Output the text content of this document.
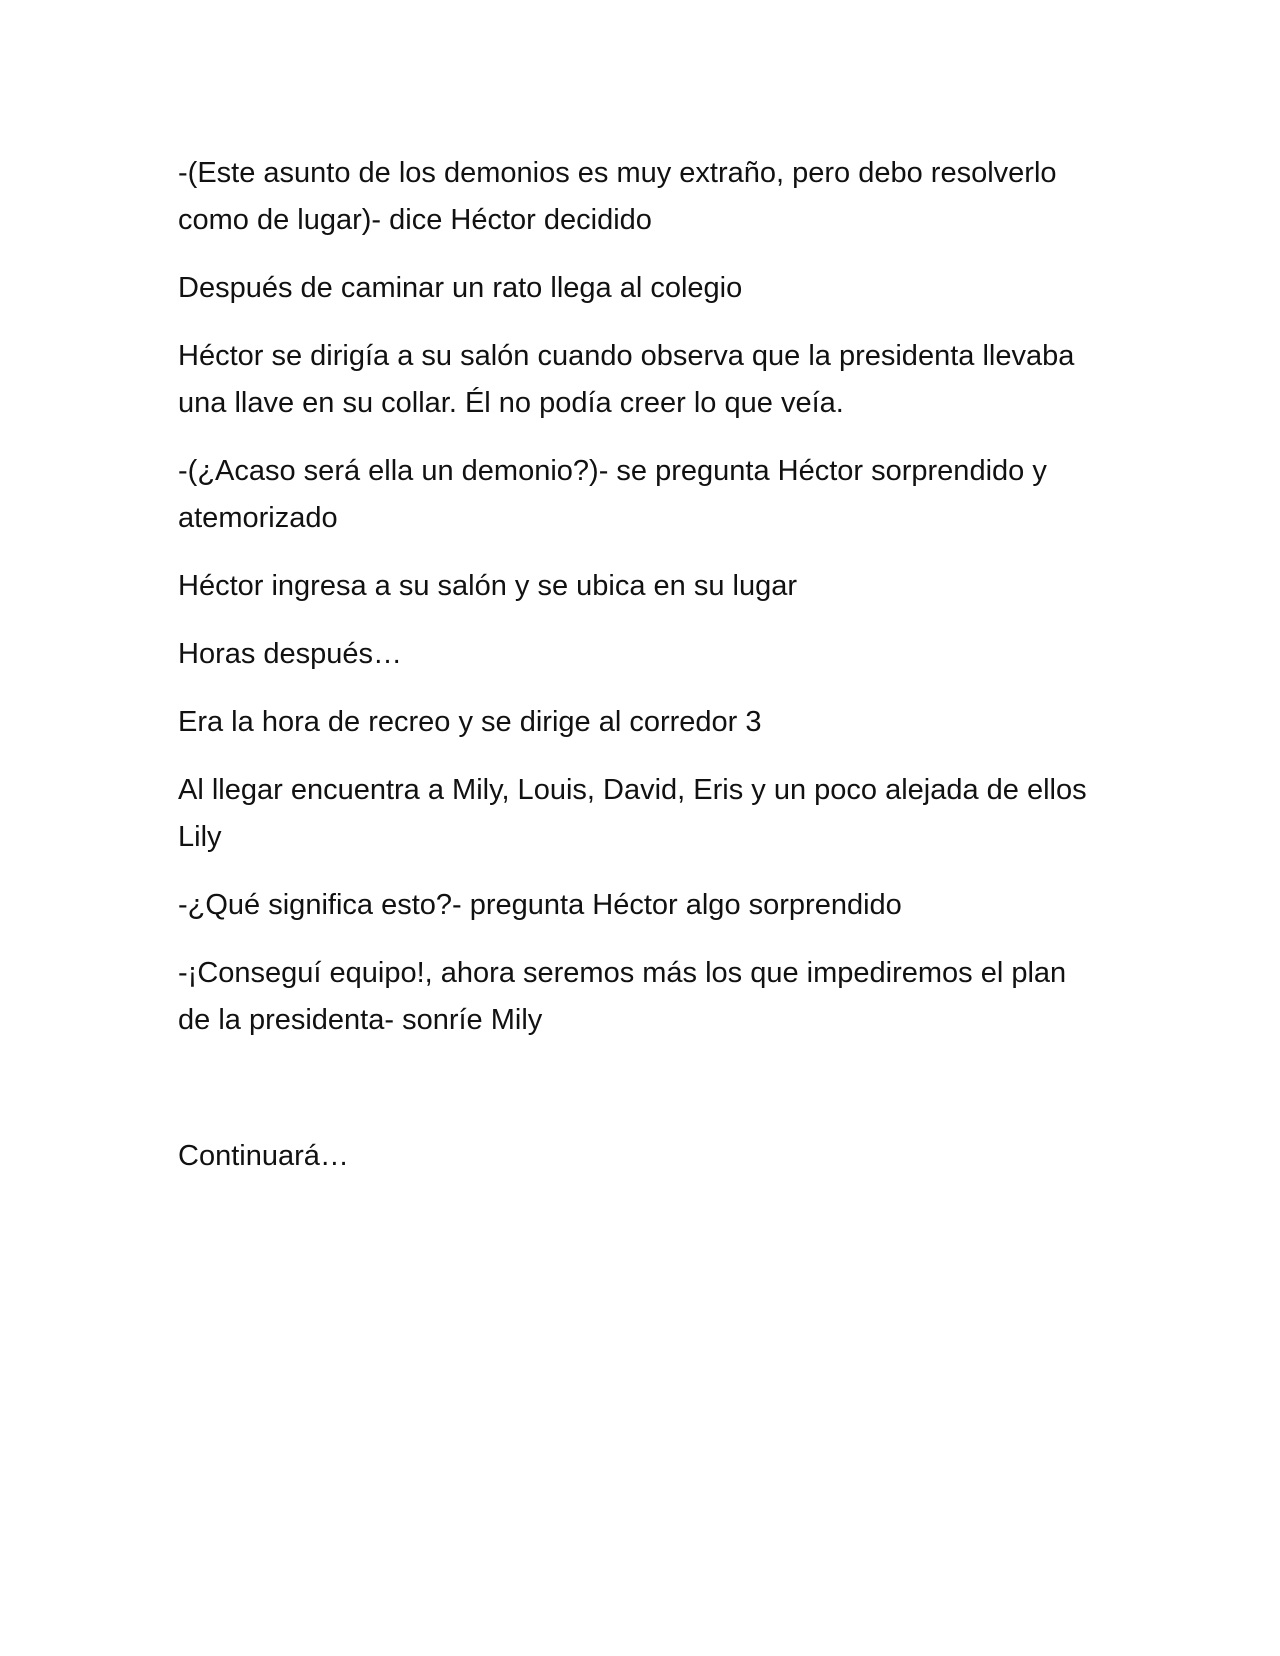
-(Este asunto de los demonios es muy extraño, pero debo resolverlo como de lugar)- dice Héctor decidido

Después de caminar un rato llega al colegio

Héctor se dirigía a su salón cuando observa que la presidenta llevaba una llave en su collar. Él no podía creer lo que veía.

-(¿Acaso será ella un demonio?)- se pregunta Héctor sorprendido y atemorizado

Héctor ingresa a su salón y se ubica en su lugar

Horas después…

Era la hora de recreo y se dirige al corredor 3

Al llegar encuentra a Mily, Louis, David, Eris y un poco alejada de ellos Lily

-¿Qué significa esto?- pregunta Héctor algo sorprendido

-¡Conseguí equipo!, ahora seremos más los que impediremos el plan de la presidenta- sonríe Mily

Continuará…
